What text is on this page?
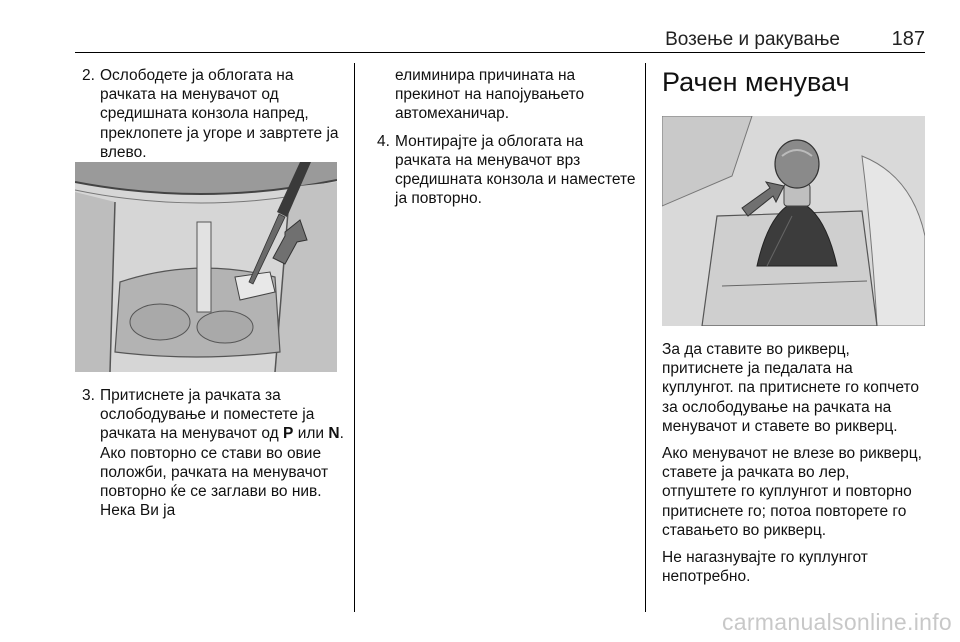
Возење и ракување	187
2. Ослободете ја облогата на рачката на менувачот од средишната конзола напред, преклопете ја угоре и завртете ја влево.

3. Притиснете ја рачката за ослободување и поместете ја рачката на менувачот од P или N. Ако повторно се стави во овие положби, рачката на менувачот повторно ќе се заглави во нив. Нека Ви ја

елиминира причината на прекинот на напојувањето автомеханичар.

4. Монтирајте ја облогата на рачката на менувачот врз средишната конзола и наместете ја повторно.

Рачен менувач

За да ставите во рикверц, притиснете ја педалата на куплунгот. па притиснете го копчето за ослободување на рачката на менувачот и ставете во рикверц.

Ако менувачот не влезе во рикверц, ставете ја рачката во лер, отпуштете го куплунгот и повторно притиснете го; потоа повторете го ставањето во рикверц.

Не нагазнувајте го куплунгот непотребно.

carmanualsonline.info
